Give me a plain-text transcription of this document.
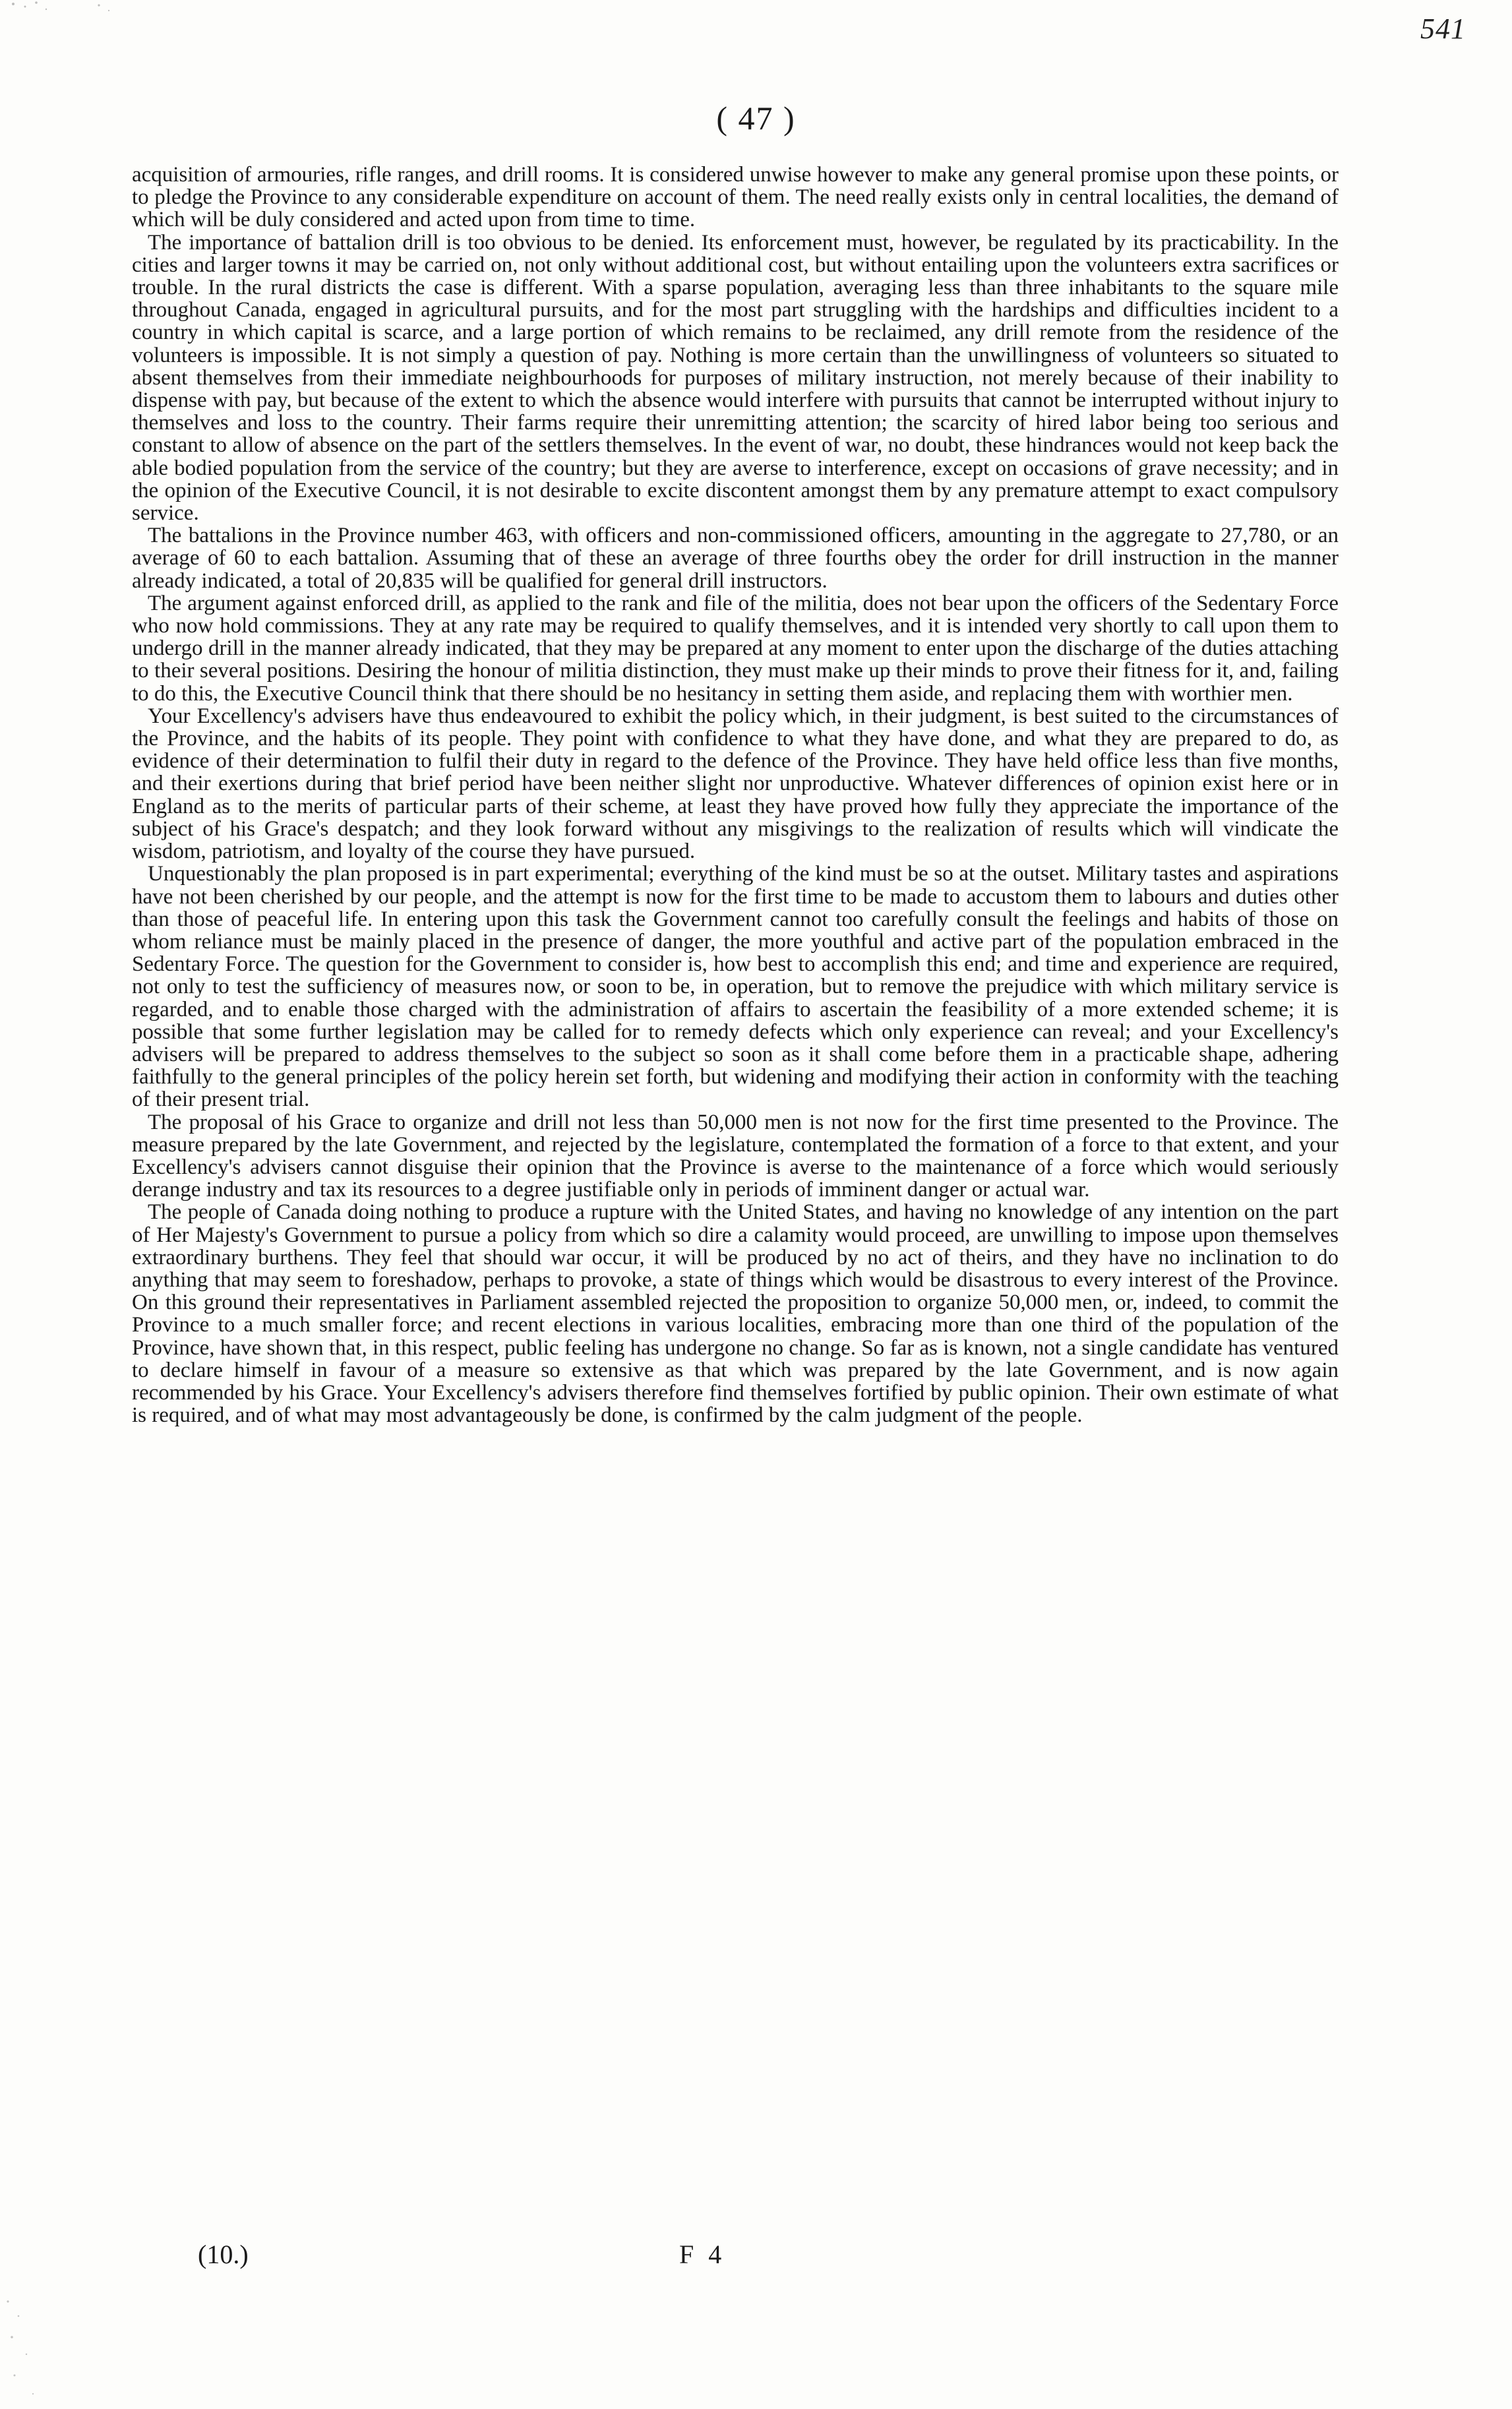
541
( 47 )

acquisition of armouries, rifle ranges, and drill rooms. It is considered unwise however to make any general promise upon these points, or to pledge the Province to any considerable expenditure on account of them. The need really exists only in central localities, the demand of which will be duly considered and acted upon from time to time.

The importance of battalion drill is too obvious to be denied. Its enforcement must, however, be regulated by its practicability. In the cities and larger towns it may be carried on, not only without additional cost, but without entailing upon the volunteers extra sacrifices or trouble. In the rural districts the case is different. With a sparse population, averaging less than three inhabitants to the square mile throughout Canada, engaged in agricultural pursuits, and for the most part struggling with the hardships and difficulties incident to a country in which capital is scarce, and a large portion of which remains to be reclaimed, any drill remote from the residence of the volunteers is impossible. It is not simply a question of pay. Nothing is more certain than the unwillingness of volunteers so situated to absent themselves from their immediate neighbourhoods for purposes of military instruction, not merely because of their inability to dispense with pay, but because of the extent to which the absence would interfere with pursuits that cannot be interrupted without injury to themselves and loss to the country. Their farms require their unremitting attention; the scarcity of hired labor being too serious and constant to allow of absence on the part of the settlers themselves. In the event of war, no doubt, these hindrances would not keep back the able bodied population from the service of the country; but they are averse to interference, except on occasions of grave necessity; and in the opinion of the Executive Council, it is not desirable to excite discontent amongst them by any premature attempt to exact compulsory service.

The battalions in the Province number 463, with officers and non-commissioned officers, amounting in the aggregate to 27,780, or an average of 60 to each battalion. Assuming that of these an average of three fourths obey the order for drill instruction in the manner already indicated, a total of 20,835 will be qualified for general drill instructors.

The argument against enforced drill, as applied to the rank and file of the militia, does not bear upon the officers of the Sedentary Force who now hold commissions. They at any rate may be required to qualify themselves, and it is intended very shortly to call upon them to undergo drill in the manner already indicated, that they may be prepared at any moment to enter upon the discharge of the duties attaching to their several positions. Desiring the honour of militia distinction, they must make up their minds to prove their fitness for it, and, failing to do this, the Executive Council think that there should be no hesitancy in setting them aside, and replacing them with worthier men.

Your Excellency's advisers have thus endeavoured to exhibit the policy which, in their judgment, is best suited to the circumstances of the Province, and the habits of its people. They point with confidence to what they have done, and what they are prepared to do, as evidence of their determination to fulfil their duty in regard to the defence of the Province. They have held office less than five months, and their exertions during that brief period have been neither slight nor unproductive. Whatever differences of opinion exist here or in England as to the merits of particular parts of their scheme, at least they have proved how fully they appreciate the importance of the subject of his Grace's despatch; and they look forward without any misgivings to the realization of results which will vindicate the wisdom, patriotism, and loyalty of the course they have pursued.

Unquestionably the plan proposed is in part experimental; everything of the kind must be so at the outset. Military tastes and aspirations have not been cherished by our people, and the attempt is now for the first time to be made to accustom them to labours and duties other than those of peaceful life. In entering upon this task the Government cannot too carefully consult the feelings and habits of those on whom reliance must be mainly placed in the presence of danger, the more youthful and active part of the population embraced in the Sedentary Force. The question for the Government to consider is, how best to accomplish this end; and time and experience are required, not only to test the sufficiency of measures now, or soon to be, in operation, but to remove the prejudice with which military service is regarded, and to enable those charged with the administration of affairs to ascertain the feasibility of a more extended scheme; it is possible that some further legislation may be called for to remedy defects which only experience can reveal; and your Excellency's advisers will be prepared to address themselves to the subject so soon as it shall come before them in a practicable shape, adhering faithfully to the general principles of the policy herein set forth, but widening and modifying their action in conformity with the teaching of their present trial.

The proposal of his Grace to organize and drill not less than 50,000 men is not now for the first time presented to the Province. The measure prepared by the late Government, and rejected by the legislature, contemplated the formation of a force to that extent, and your Excellency's advisers cannot disguise their opinion that the Province is averse to the maintenance of a force which would seriously derange industry and tax its resources to a degree justifiable only in periods of imminent danger or actual war.

The people of Canada doing nothing to produce a rupture with the United States, and having no knowledge of any intention on the part of Her Majesty's Government to pursue a policy from which so dire a calamity would proceed, are unwilling to impose upon themselves extraordinary burthens. They feel that should war occur, it will be produced by no act of theirs, and they have no inclination to do anything that may seem to foreshadow, perhaps to provoke, a state of things which would be disastrous to every interest of the Province. On this ground their representatives in Parliament assembled rejected the proposition to organize 50,000 men, or, indeed, to commit the Province to a much smaller force; and recent elections in various localities, embracing more than one third of the population of the Province, have shown that, in this respect, public feeling has undergone no change. So far as is known, not a single candidate has ventured to declare himself in favour of a measure so extensive as that which was prepared by the late Government, and is now again recommended by his Grace. Your Excellency's advisers therefore find themselves fortified by public opinion. Their own estimate of what is required, and of what may most advantageously be done, is confirmed by the calm judgment of the people.

(10.)	F 4
